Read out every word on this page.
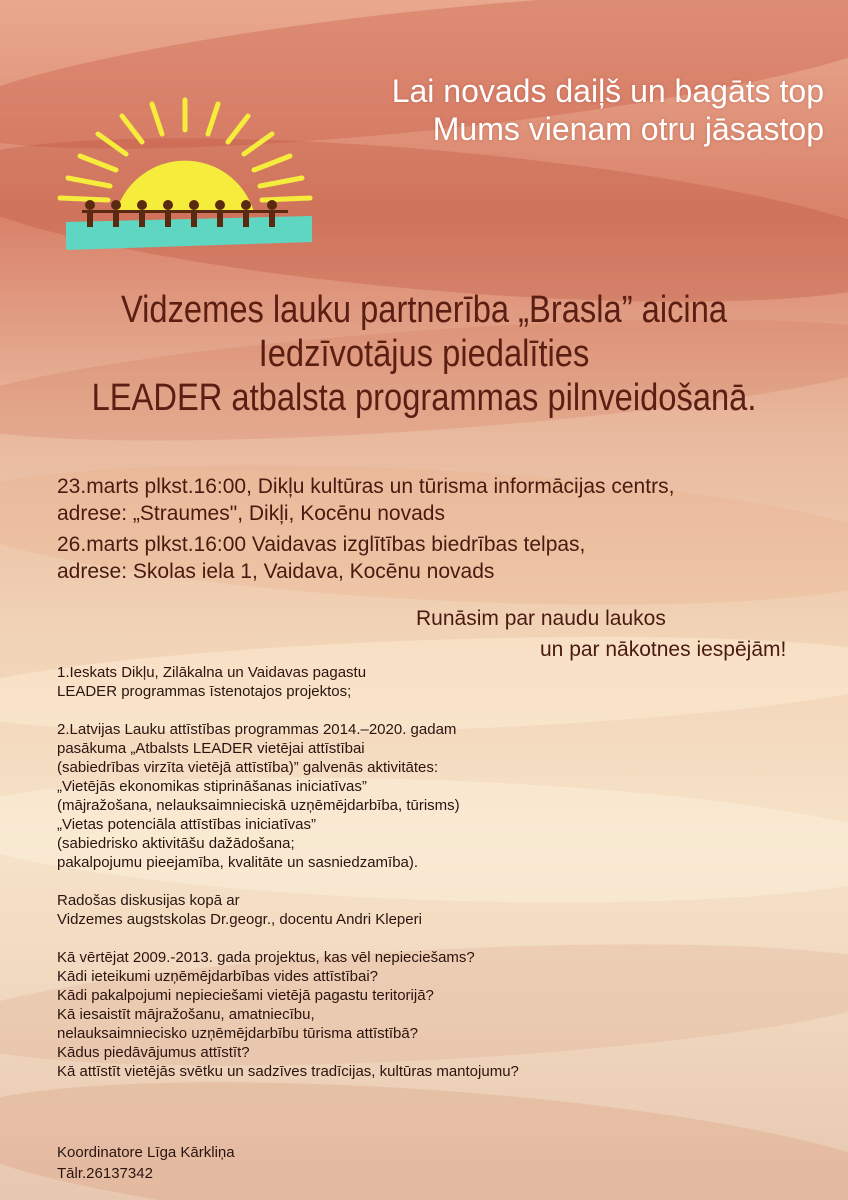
Lai novads daiļš un bagāts top
Mums vienam otru jāsastop
Vidzemes lauku partnerība „Brasla” aicina
Iedzīvotājus piedalīties
LEADER atbalsta programmas pilnveidošanā.
23.marts plkst.16:00, Dikļu kultūras un tūrisma informācijas centrs,
adrese: „Straumes", Dikļi, Kocēnu novads
26.marts plkst.16:00 Vaidavas izglītības biedrības telpas,
adrese: Skolas iela 1, Vaidava, Kocēnu novads
Runāsim par naudu laukos
un par nākotnes iespējām!
1.Ieskats Dikļu, Zilākalna un Vaidavas pagastu
LEADER programmas īstenotajos projektos;
2.Latvijas Lauku attīstības programmas 2014.–2020. gadam
pasākuma „Atbalsts LEADER vietējai attīstībai
(sabiedrības virzīta vietējā attīstība)” galvenās aktivitātes:
„Vietējās ekonomikas stiprināšanas iniciatīvas”
(mājražošana, nelauksaimnieciskā uzņēmējdarbība, tūrisms)
„Vietas potenciāla attīstības iniciatīvas”
(sabiedrisko aktivitāšu dažādošana;
pakalpojumu pieejamība, kvalitāte un sasniedzamība).
Radošas diskusijas kopā ar
Vidzemes augstskolas Dr.geogr., docentu Andri Kleperi
Kā vērtējat 2009.-2013. gada projektus, kas vēl nepieciešams?
Kādi ieteikumi uzņēmējdarbības vides attīstībai?
Kādi pakalpojumi nepieciešami vietējā pagastu teritorijā?
Kā iesaistīt mājražošanu, amatniecību,
nelauksaimniecisko uzņēmējdarbību tūrisma attīstībā?
Kādus piedāvājumus attīstīt?
Kā attīstīt vietējās svētku un sadzīves tradīcijas, kultūras mantojumu?
Koordinatore Līga Kārkliņa
Tālr.26137342
